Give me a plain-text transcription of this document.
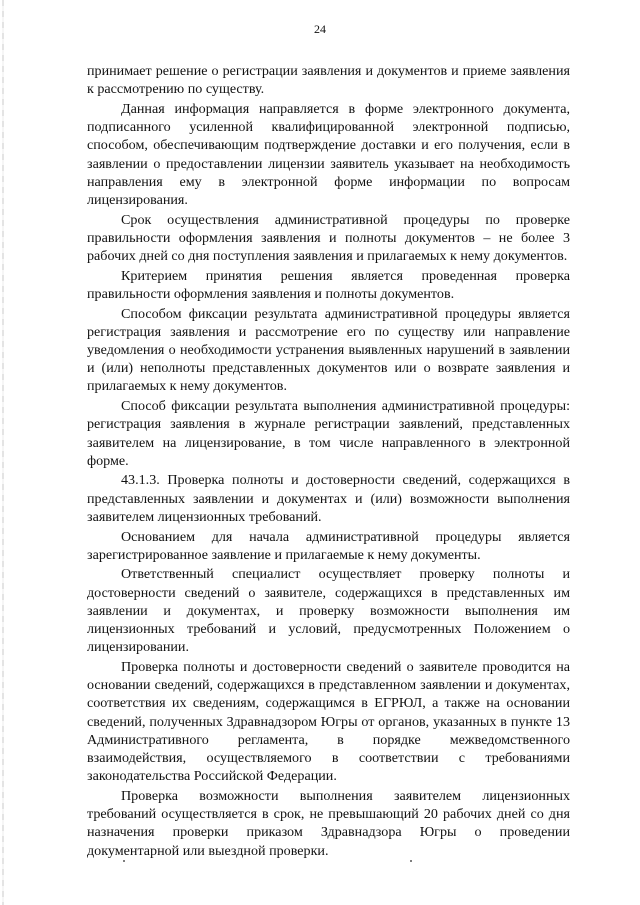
24

принимает решение о регистрации заявления и документов и приеме заявления к рассмотрению по существу.

Данная информация направляется в форме электронного документа, подписанного усиленной квалифицированной электронной подписью, способом, обеспечивающим подтверждение доставки и его получения, если в заявлении о предоставлении лицензии заявитель указывает на необходимость направления ему в электронной форме информации по вопросам лицензирования.

Срок осуществления административной процедуры по проверке правильности оформления заявления и полноты документов – не более 3 рабочих дней со дня поступления заявления и прилагаемых к нему документов.

Критерием принятия решения является проведенная проверка правильности оформления заявления и полноты документов.

Способом фиксации результата административной процедуры является регистрация заявления и рассмотрение его по существу или направление уведомления о необходимости устранения выявленных нарушений в заявлении и (или) неполноты представленных документов или о возврате заявления и прилагаемых к нему документов.

Способ фиксации результата выполнения административной процедуры: регистрация заявления в журнале регистрации заявлений, представленных заявителем на лицензирование, в том числе направленного в электронной форме.

43.1.3. Проверка полноты и достоверности сведений, содержащихся в представленных заявлении и документах и (или) возможности выполнения заявителем лицензионных требований.

Основанием для начала административной процедуры является зарегистрированное заявление и прилагаемые к нему документы.

Ответственный специалист осуществляет проверку полноты и достоверности сведений о заявителе, содержащихся в представленных им заявлении и документах, и проверку возможности выполнения им лицензионных требований и условий, предусмотренных Положением о лицензировании.

Проверка полноты и достоверности сведений о заявителе проводится на основании сведений, содержащихся в представленном заявлении и документах, соответствия их сведениям, содержащимся в ЕГРЮЛ, а также на основании сведений, полученных Здравнадзором Югры от органов, указанных в пункте 13 Административного регламента, в порядке межведомственного взаимодействия, осуществляемого в соответствии с требованиями законодательства Российской Федерации.

Проверка возможности выполнения заявителем лицензионных требований осуществляется в срок, не превышающий 20 рабочих дней со дня назначения проверки приказом Здравнадзора Югры о проведении документарной или выездной проверки.
